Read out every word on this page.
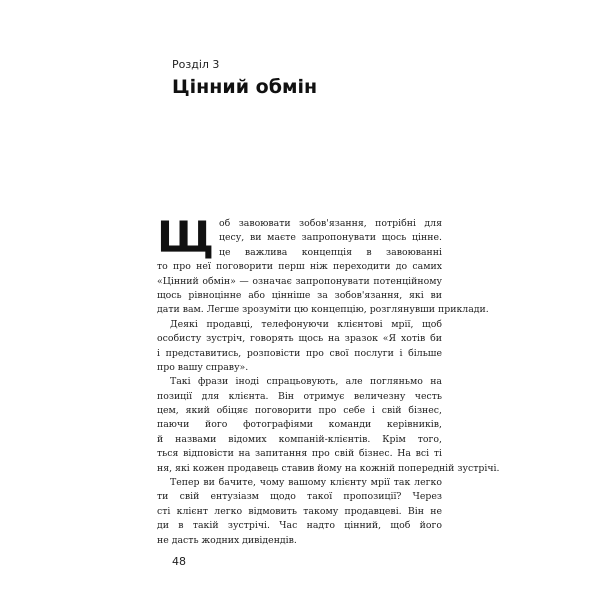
Розділ 3
Цінний обмін
Щ об завоювати зобов'язання, потрібні для
цесу, ви маєте запропонувати щось цінне.
це важлива концепція в завоюванні
то про неї поговорити перш ніж переходити до самих
«Цінний обмін» — означає запропонувати потенційному
щось рівноцінне або цінніше за зобов'язання, які ви
дати вам. Легше зрозуміти цю концепцію, розглянувши приклади.
Деякі продавці, телефонуючи клієнтові мрії, щоб
особисту зустріч, говорять щось на зразок «Я хотів би
і представитись, розповісти про свої послуги і більше
про вашу справу».
Такі фрази іноді спрацьовують, але погляньмо на
позиції для клієнта. Він отримує величезну честь
цем, який обіцяє поговорити про себе і свій бізнес,
паючи його фотографіями команди керівників,
й назвами відомих компаній-клієнтів. Крім того,
ться відповісти на запитання про свій бізнес. На всі ті
ня, які кожен продавець ставив йому на кожній попередній зустрічі.
Тепер ви бачите, чому вашому клієнту мрії так легко
ти свій ентузіазм щодо такої пропозиції? Через
сті клієнт легко відмовить такому продавцеві. Він не
ди в такій зустрічі. Час надто цінний, щоб його
не дасть жодних дивідендів.
48
